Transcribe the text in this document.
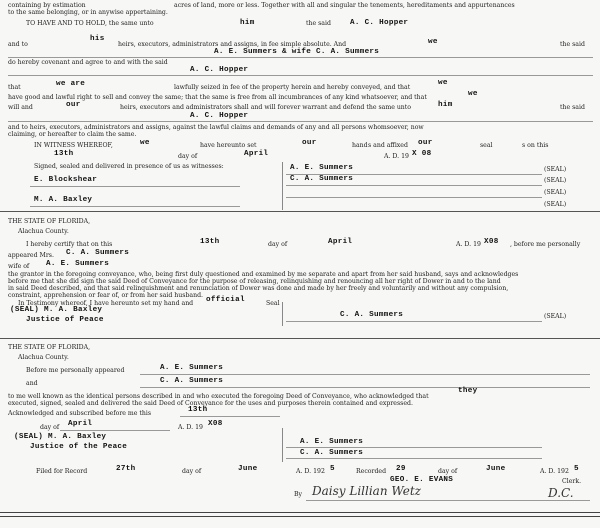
containing by estimation	acres of land, more or less. Together with all and singular the tenements, hereditaments and appurtenances
to the same belonging, or in anywise appertaining.
TO HAVE AND TO HOLD, the same unto	him	the said	A. C. Hopper
and to
his
heirs, executors, administrators and assigns, in fee simple absolute. And	we	the said
A. E. Summers & wife C. A. Summers
do hereby covenant and agree to and with the said
A. C. Hopper
that	we are	lawfully seized in fee of the property herein and hereby conveyed, and that
we
have good and lawful right to sell and convey the same; that the same is free from all incumbrances of any kind whatsoever, and that	we
will and	our	heirs, executors and administrators shall and will forever warrant and defend the same unto	him	the said
A. C. Hopper
and to heirs, executors, administrators and assigns, against the lawful claims and demands of any and all persons whomsoever, now
claiming, or hereafter to claim the same.
IN WITNESS WHEREOF,	we	have hereunto set	our	hand s and affixed our	seal	s on this
13th	day of	April	A. D. 19 X 08
Signed, sealed and delivered in presence of us as witnesses:
E. Blockshear
M. A. Baxley
A. E. Summers	(SEAL)
C. A. Summers	(SEAL)
(SEAL)
(SEAL)
THE STATE OF FLORIDA,
Alachua County.
I hereby certify that on this	13th	day of	April	A. D. 19 X08 , before me personally
appeared Mrs. C. A. Summers
wife of A. E. Summers
the grantor in the foregoing conveyance, who, being first duly questioned and examined by me separate and apart from her said husband, says and acknowledges
before me that she did sign the said Deed of Conveyance for the purpose of releasing, relinquishing and renouncing all her right of Dower in and to the land
in said Deed described, and that said relinquishment and renunciation of Dower was done and made by her freely and voluntarily and without any compulsion,
constraint, apprehension or fear of, or from her said husband.
In Testimony whereof, I have hereunto set my hand and official	Seal
(SEAL) M. A. Baxley
Justice of Peace
C. A. Summers	(SEAL)
THE STATE OF FLORIDA,
Alachua County.
Before me personally appeared	A. E. Summers
and	C. A. Summers
to me well known as the identical persons described in and who executed the foregoing Deed of Conveyance, who acknowledged that
they
executed, signed, sealed and delivered the said Deed of Conveyance for the uses and purposes therein contained and expressed.
Acknowledged and subscribed before me this	13th
day of April	A. D. 19 X08
(SEAL) M. A. Baxley
Justice of the Peace
A. E. Summers
C. A. Summers
Filed for Record	27th	day of	June	A. D. 192 5	Recorded 29	day of	June	A. D. 192 5
GEO. E. EVANS	Clerk.
By Daisy Lillian Wetz	D.C.
